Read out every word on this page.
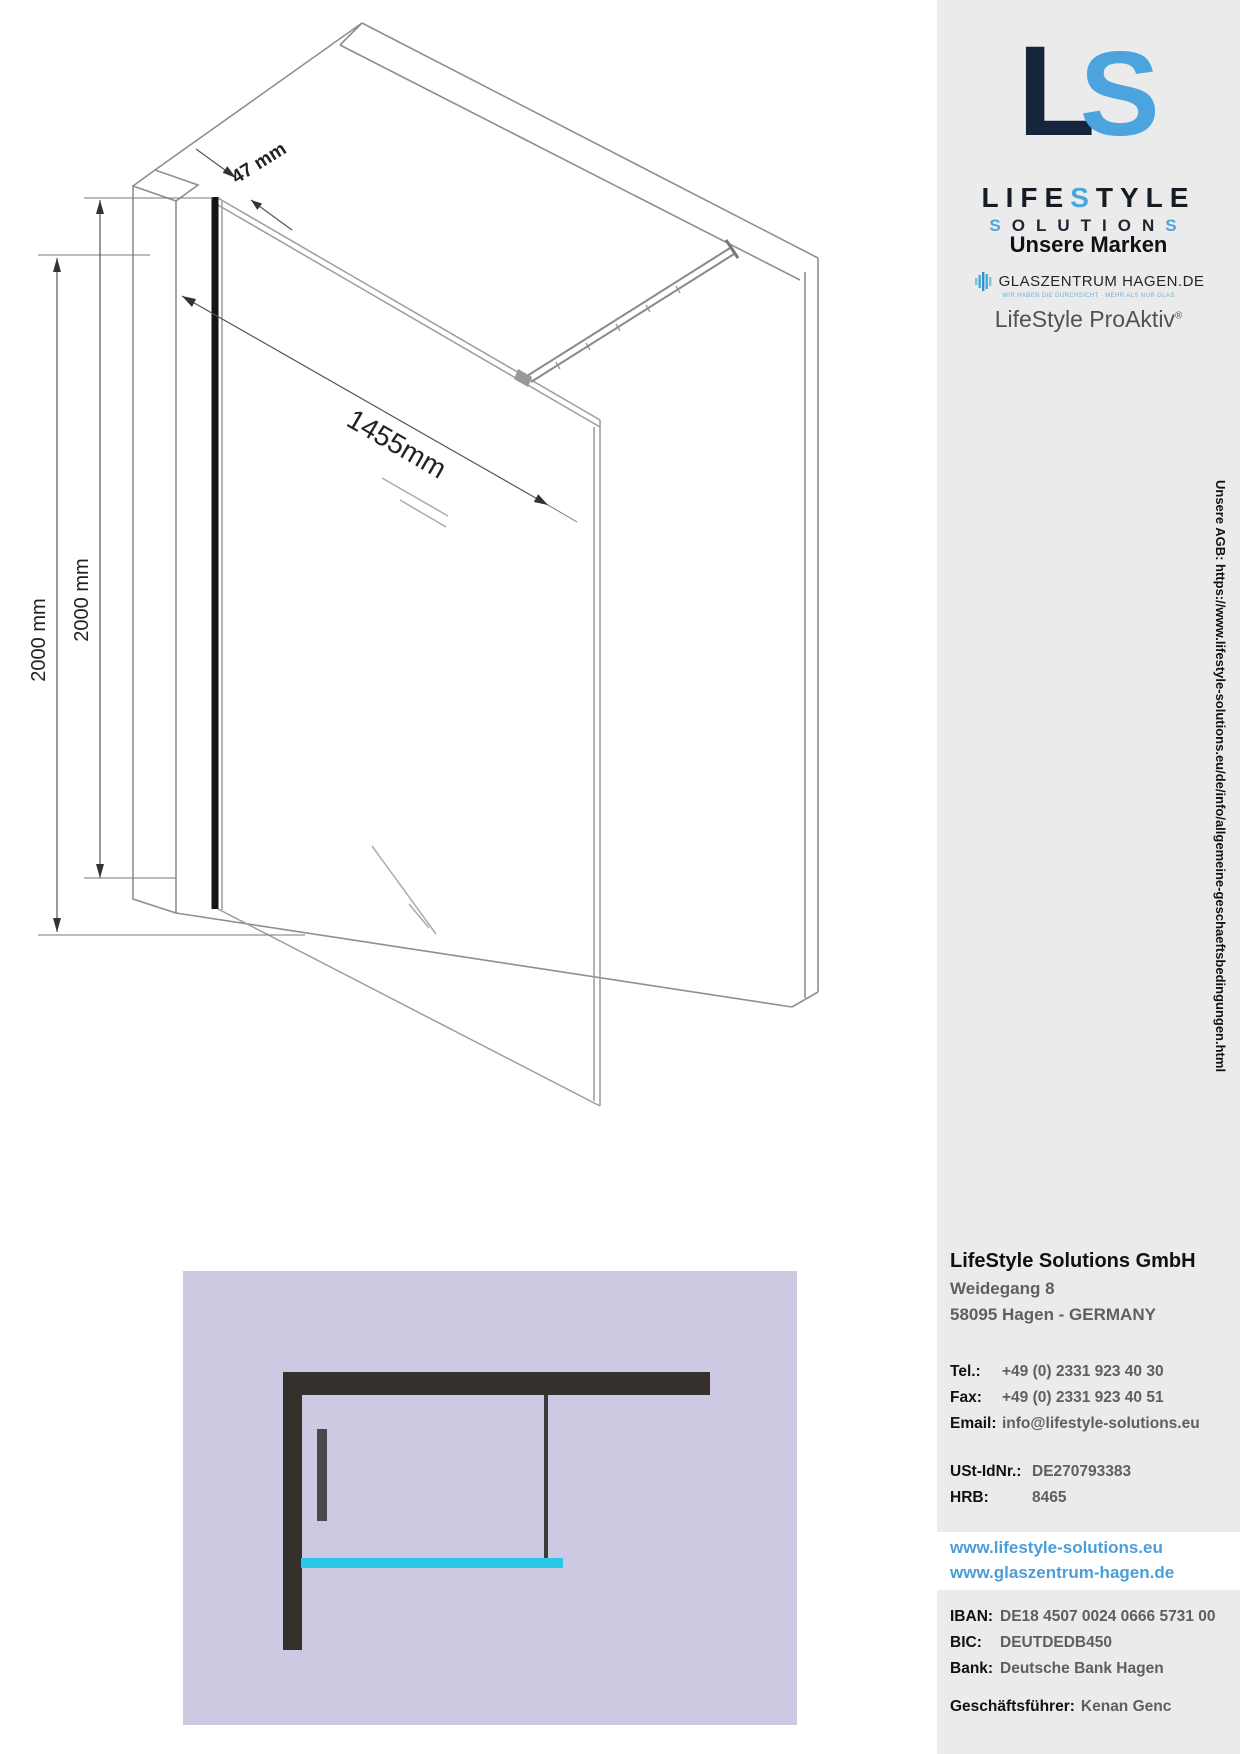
47 mm
1455mm
2000 mm 2000 mm
LS
LIFESTYLE
SOLUTIONS
Unsere Marken
GLASZENTRUM HAGEN.DE
WIR HABEN DIE DURCHSICHT · MEHR ALS NUR GLAS
LifeStyle ProAktiv®
LifeStyle Solutions GmbH
Weidegang 8
58095 Hagen - GERMANY
Tel.:	+49 (0) 2331 923 40 30
Fax:	+49 (0) 2331 923 40 51
Email: info@lifestyle-solutions.eu
USt-IdNr.: DE270793383
HRB:	8465
www.lifestyle-solutions.eu
www.glaszentrum-hagen.de
IBAN: DE18 4507 0024 0666 5731 00
BIC:	DEUTDEDB450
Bank: Deutsche Bank Hagen
Geschäftsführer: Kenan Genc
Unsere AGB: https://www.lifestyle-solutions.eu/de/info/allgemeine-geschaeftsbedingungen.html
